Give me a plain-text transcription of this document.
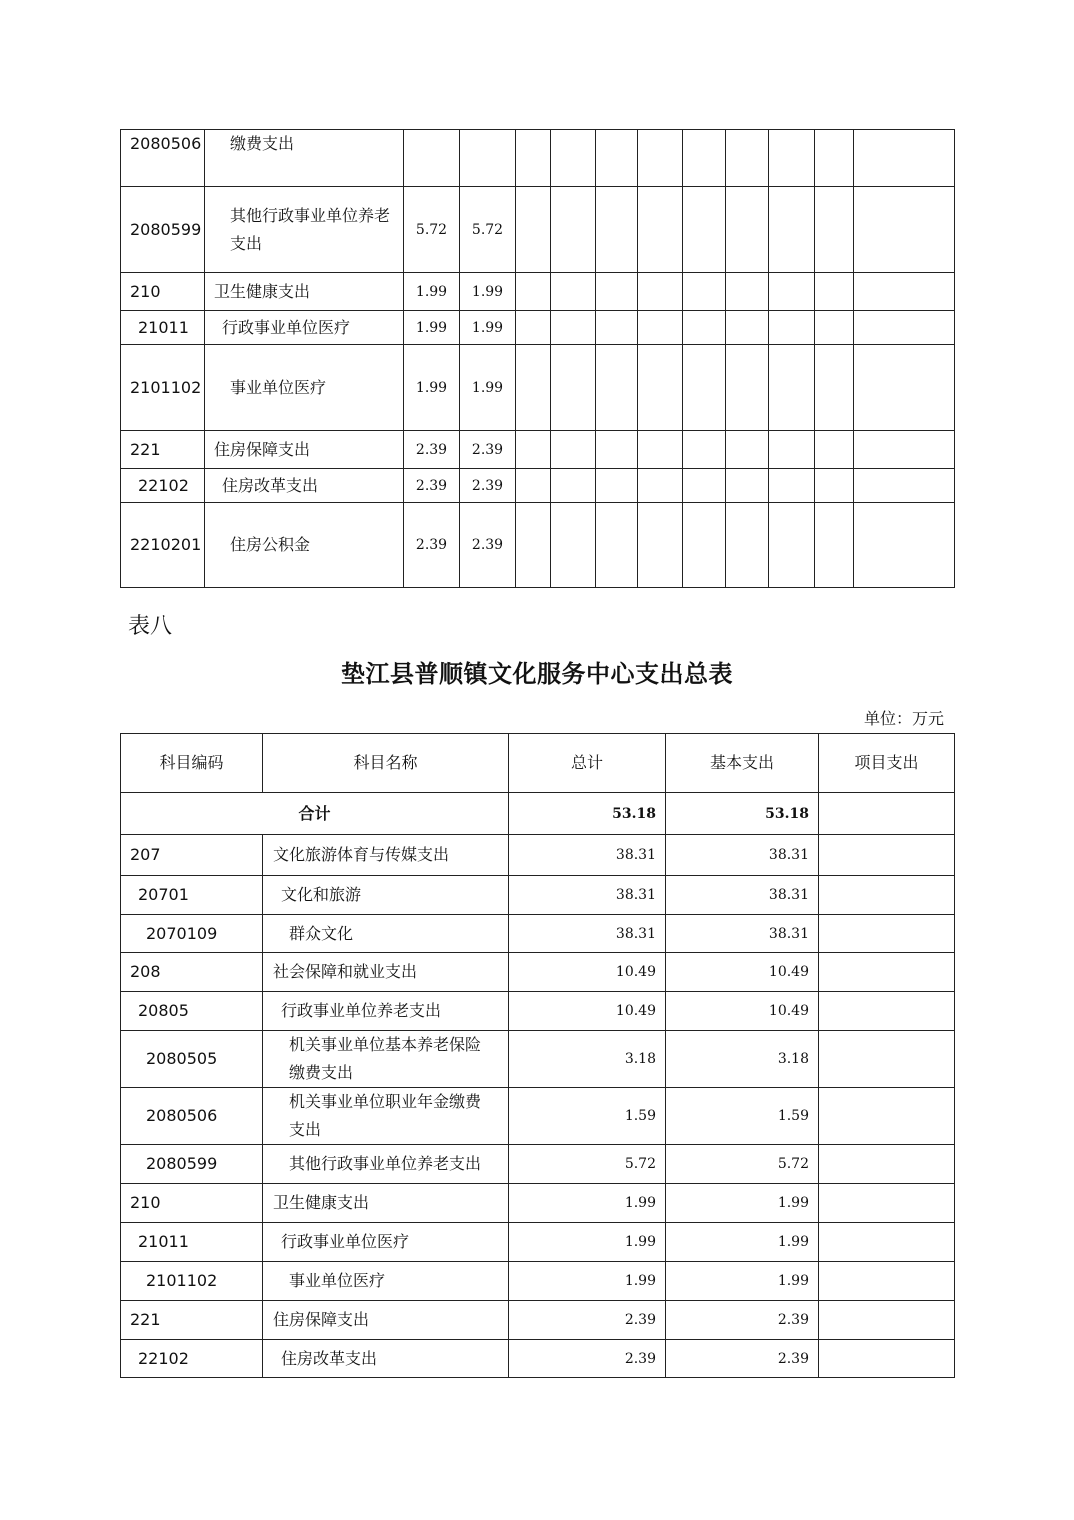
2080506	缴费支出											
2080599	其他行政事业单位养老支出	5.72	5.72									
210	卫生健康支出	1.99	1.99									
21011	行政事业单位医疗	1.99	1.99									
2101102	事业单位医疗	1.99	1.99									
221	住房保障支出	2.39	2.39									
22102	住房改革支出	2.39	2.39									
2210201	住房公积金	2.39	2.39									
表八
垫江县普顺镇文化服务中心支出总表
单位：万元
科目编码	科目名称	总计	基本支出	项目支出
合计		53.18	53.18	
207	文化旅游体育与传媒支出	38.31	38.31	
20701	文化和旅游	38.31	38.31	
2070109	群众文化	38.31	38.31	
208	社会保障和就业支出	10.49	10.49	
20805	行政事业单位养老支出	10.49	10.49	
2080505	机关事业单位基本养老保险缴费支出	3.18	3.18	
2080506	机关事业单位职业年金缴费支出	1.59	1.59	
2080599	其他行政事业单位养老支出	5.72	5.72	
210	卫生健康支出	1.99	1.99	
21011	行政事业单位医疗	1.99	1.99	
2101102	事业单位医疗	1.99	1.99	
221	住房保障支出	2.39	2.39	
22102	住房改革支出	2.39	2.39	
